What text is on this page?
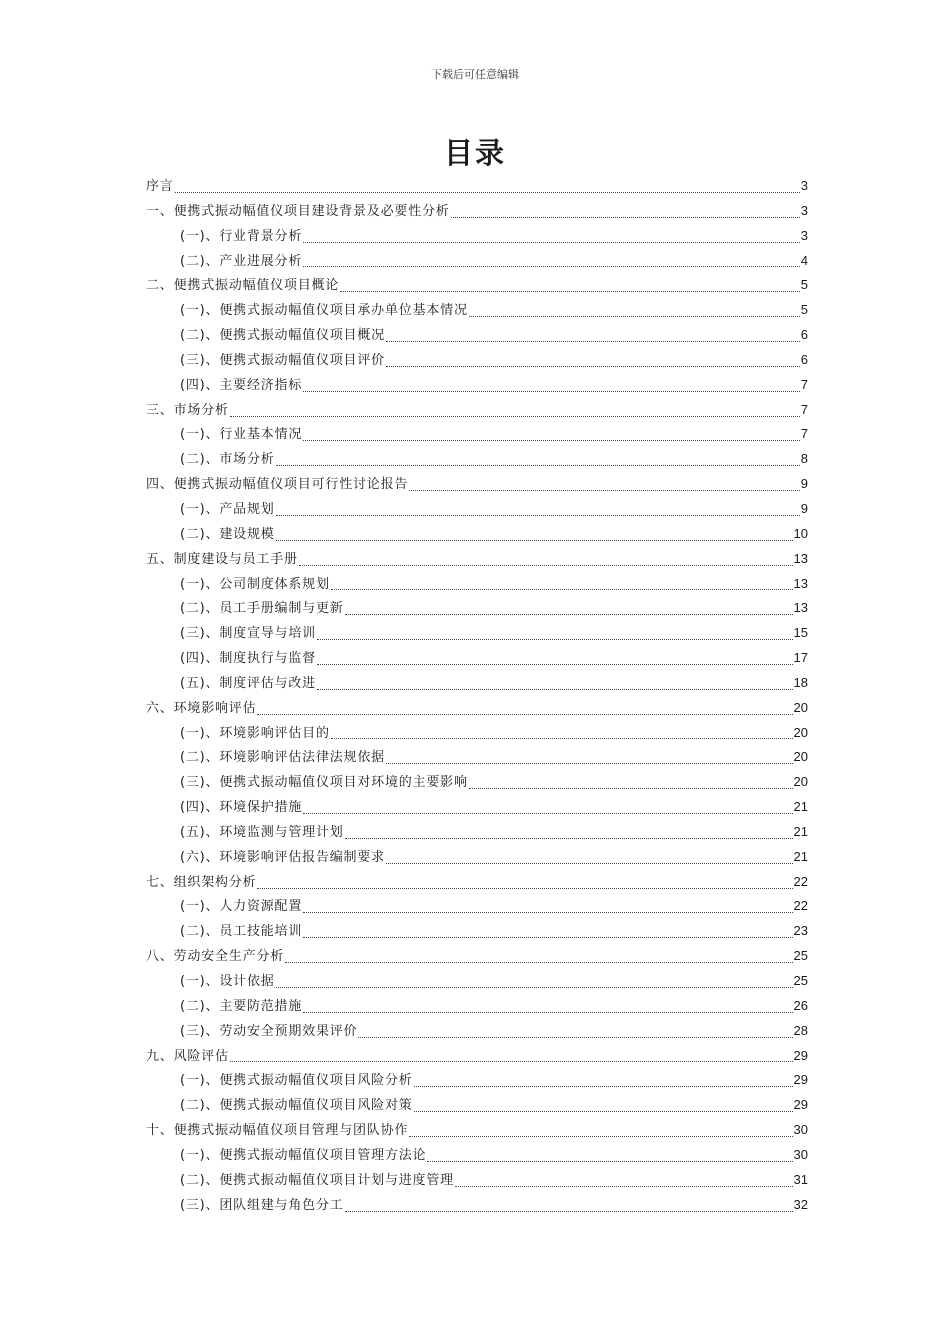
下载后可任意编辑
目录
序言	3
一、便携式振动幅值仪项目建设背景及必要性分析	3
(一)、行业背景分析	3
(二)、产业进展分析	4
二、便携式振动幅值仪项目概论	5
(一)、便携式振动幅值仪项目承办单位基本情况	5
(二)、便携式振动幅值仪项目概况	6
(三)、便携式振动幅值仪项目评价	6
(四)、主要经济指标	7
三、市场分析	7
(一)、行业基本情况	7
(二)、市场分析	8
四、便携式振动幅值仪项目可行性讨论报告	9
(一)、产品规划	9
(二)、建设规模	10
五、制度建设与员工手册	13
(一)、公司制度体系规划	13
(二)、员工手册编制与更新	13
(三)、制度宣导与培训	15
(四)、制度执行与监督	17
(五)、制度评估与改进	18
六、环境影响评估	20
(一)、环境影响评估目的	20
(二)、环境影响评估法律法规依据	20
(三)、便携式振动幅值仪项目对环境的主要影响	20
(四)、环境保护措施	21
(五)、环境监测与管理计划	21
(六)、环境影响评估报告编制要求	21
七、组织架构分析	22
(一)、人力资源配置	22
(二)、员工技能培训	23
八、劳动安全生产分析	25
(一)、设计依据	25
(二)、主要防范措施	26
(三)、劳动安全预期效果评价	28
九、风险评估	29
(一)、便携式振动幅值仪项目风险分析	29
(二)、便携式振动幅值仪项目风险对策	29
十、便携式振动幅值仪项目管理与团队协作	30
(一)、便携式振动幅值仪项目管理方法论	30
(二)、便携式振动幅值仪项目计划与进度管理	31
(三)、团队组建与角色分工	32
